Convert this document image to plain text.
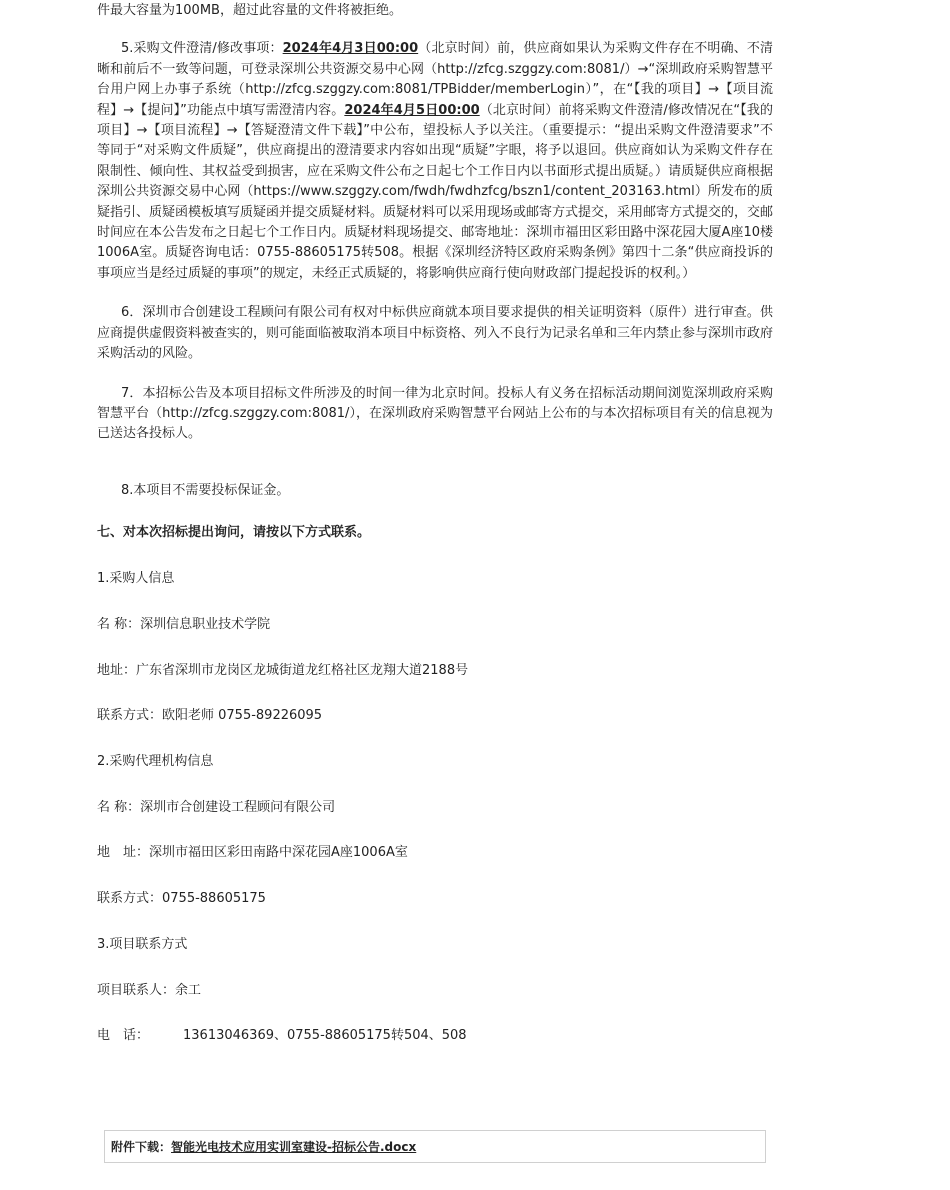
件最大容量为100MB，超过此容量的文件将被拒绝。

5.采购文件澄清/修改事项：2024年4月3日00:00（北京时间）前，供应商如果认为采购文件存在不明确、不清晰和前后不一致等问题，可登录深圳公共资源交易中心网（http://zfcg.szggzy.com:8081/）→“深圳政府采购智慧平台用户网上办事子系统（http://zfcg.szggzy.com:8081/TPBidder/memberLogin）”，在“【我的项目】→【项目流程】→【提问】”功能点中填写需澄清内容。2024年4月5日00:00（北京时间）前将采购文件澄清/修改情况在“【我的项目】→【项目流程】→【答疑澄清文件下载】”中公布，望投标人予以关注。（重要提示：“提出采购文件澄清要求”不等同于“对采购文件质疑”，供应商提出的澄清要求内容如出现“质疑”字眼，将予以退回。供应商如认为采购文件存在限制性、倾向性、其权益受到损害，应在采购文件公布之日起七个工作日内以书面形式提出质疑。）请质疑供应商根据深圳公共资源交易中心网（https://www.szggzy.com/fwdh/fwdhzfcg/bszn1/content_203163.html）所发布的质疑指引、质疑函模板填写质疑函并提交质疑材料。质疑材料可以采用现场或邮寄方式提交，采用邮寄方式提交的，交邮时间应在本公告发布之日起七个工作日内。质疑材料现场提交、邮寄地址：深圳市福田区彩田路中深花园大厦A座10楼1006A室。质疑咨询电话：0755-88605175转508。根据《深圳经济特区政府采购条例》第四十二条“供应商投诉的事项应当是经过质疑的事项”的规定，未经正式质疑的，将影响供应商行使向财政部门提起投诉的权利。）

6．深圳市合创建设工程顾问有限公司有权对中标供应商就本项目要求提供的相关证明资料（原件）进行审查。供应商提供虚假资料被查实的，则可能面临被取消本项目中标资格、列入不良行为记录名单和三年内禁止参与深圳市政府采购活动的风险。

7．本招标公告及本项目招标文件所涉及的时间一律为北京时间。投标人有义务在招标活动期间浏览深圳政府采购智慧平台（http://zfcg.szggzy.com:8081/），在深圳政府采购智慧平台网站上公布的与本次招标项目有关的信息视为已送达各投标人。

8.本项目不需要投标保证金。
七、对本次招标提出询问，请按以下方式联系。
1.采购人信息
名 称：深圳信息职业技术学院
地址：广东省深圳市龙岗区龙城街道龙红格社区龙翔大道2188号
联系方式：欧阳老师 0755-89226095
2.采购代理机构信息
名 称：深圳市合创建设工程顾问有限公司
地　址：深圳市福田区彩田南路中深花园A座1006A室
联系方式：0755-88605175
3.项目联系方式
项目联系人：余工
电　话：	13613046369、0755-88605175转504、508
附件下载： 智能光电技术应用实训室建设-招标公告.docx
